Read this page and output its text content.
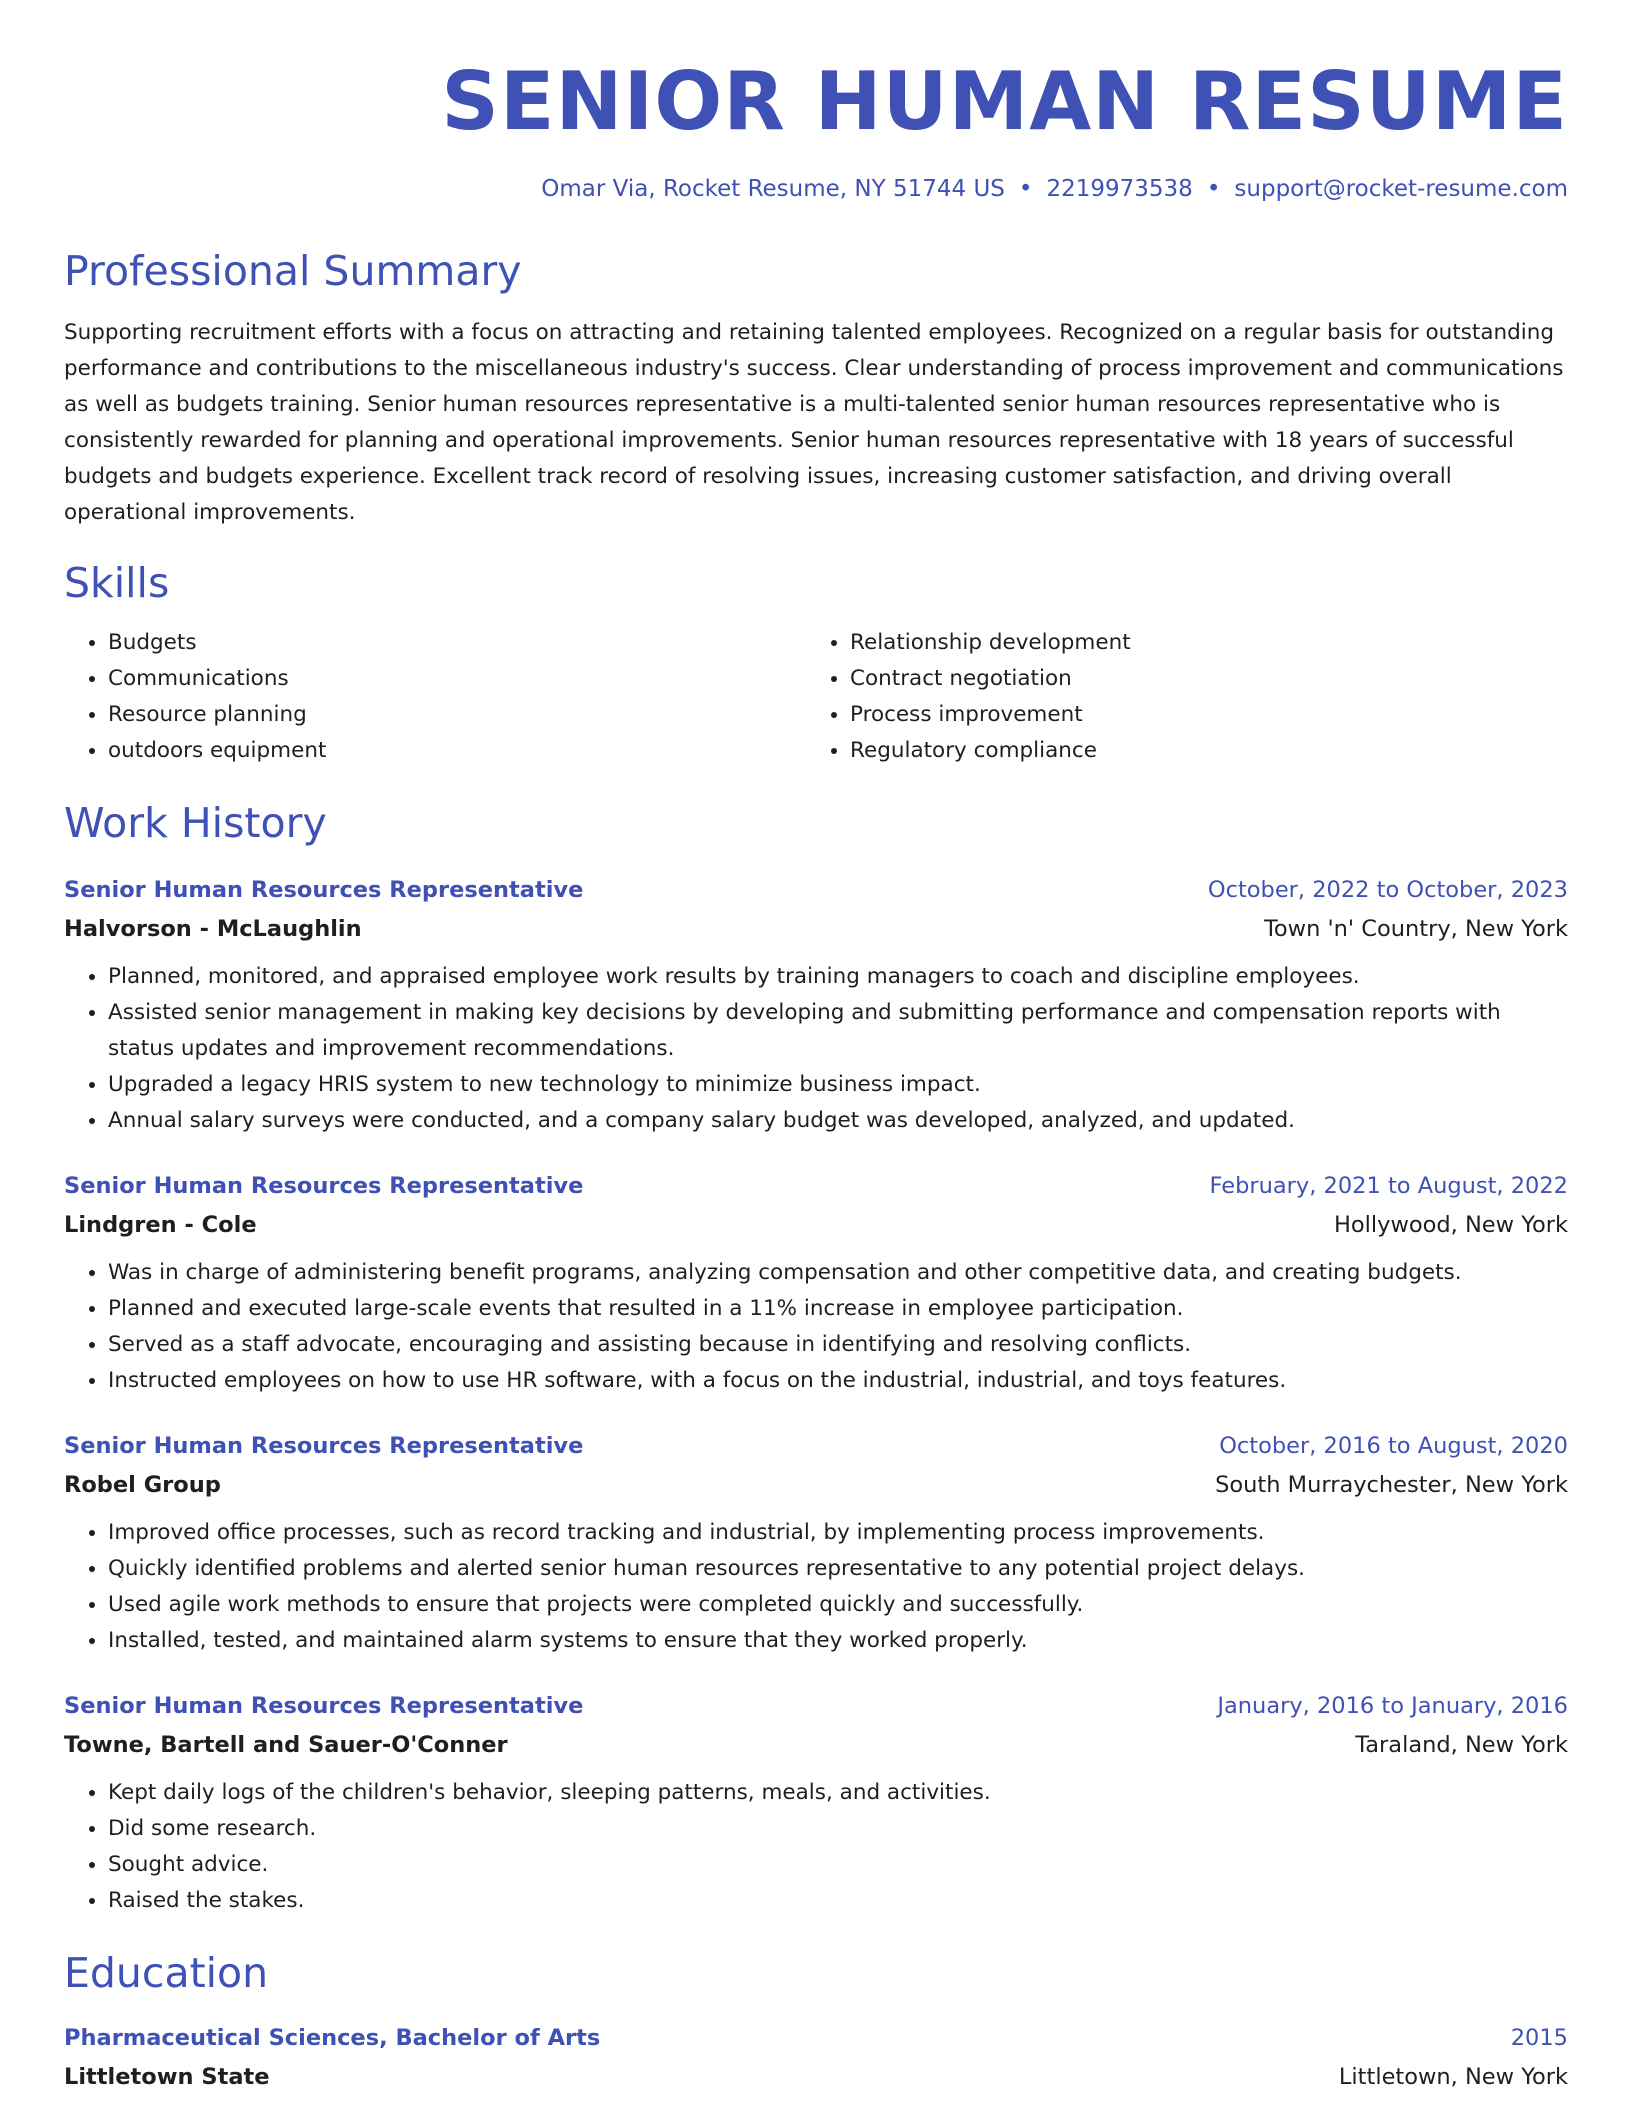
SENIOR HUMAN RESUME
Omar Via, Rocket Resume, NY 51744 US • 2219973538 • support@rocket-resume.com
Professional Summary
Supporting recruitment efforts with a focus on attracting and retaining talented employees. Recognized on a regular basis for outstanding performance and contributions to the miscellaneous industry's success. Clear understanding of process improvement and communications as well as budgets training. Senior human resources representative is a multi-talented senior human resources representative who is consistently rewarded for planning and operational improvements. Senior human resources representative with 18 years of successful budgets and budgets experience. Excellent track record of resolving issues, increasing customer satisfaction, and driving overall operational improvements.
Skills
• Budgets
• Communications
• Resource planning
• outdoors equipment
• Relationship development
• Contract negotiation
• Process improvement
• Regulatory compliance
Work History
Senior Human Resources Representative	October, 2022 to October, 2023
Halvorson - McLaughlin	Town 'n' Country, New York
• Planned, monitored, and appraised employee work results by training managers to coach and discipline employees.
• Assisted senior management in making key decisions by developing and submitting performance and compensation reports with status updates and improvement recommendations.
• Upgraded a legacy HRIS system to new technology to minimize business impact.
• Annual salary surveys were conducted, and a company salary budget was developed, analyzed, and updated.
Senior Human Resources Representative	February, 2021 to August, 2022
Lindgren - Cole	Hollywood, New York
• Was in charge of administering benefit programs, analyzing compensation and other competitive data, and creating budgets.
• Planned and executed large-scale events that resulted in a 11% increase in employee participation.
• Served as a staff advocate, encouraging and assisting because in identifying and resolving conflicts.
• Instructed employees on how to use HR software, with a focus on the industrial, industrial, and toys features.
Senior Human Resources Representative	October, 2016 to August, 2020
Robel Group	South Murraychester, New York
• Improved office processes, such as record tracking and industrial, by implementing process improvements.
• Quickly identified problems and alerted senior human resources representative to any potential project delays.
• Used agile work methods to ensure that projects were completed quickly and successfully.
• Installed, tested, and maintained alarm systems to ensure that they worked properly.
Senior Human Resources Representative	January, 2016 to January, 2016
Towne, Bartell and Sauer-O'Conner	Taraland, New York
• Kept daily logs of the children's behavior, sleeping patterns, meals, and activities.
• Did some research.
• Sought advice.
• Raised the stakes.
Education
Pharmaceutical Sciences, Bachelor of Arts	2015
Littletown State	Littletown, New York
